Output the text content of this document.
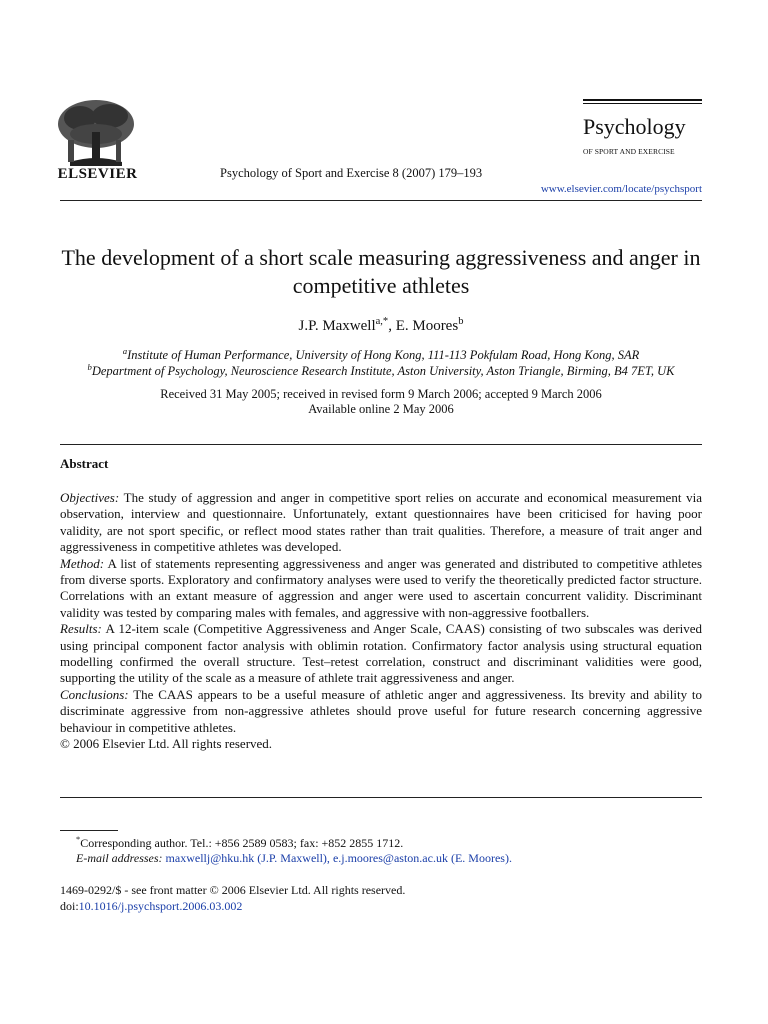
ELSEVIER	Psychology of Sport and Exercise 8 (2007) 179–193
Psychology
OF SPORT AND EXERCISE
www.elsevier.com/locate/psychsport
The development of a short scale measuring aggressiveness and anger in competitive athletes
J.P. Maxwell$^{a,*}$, E. Moores$^b$
$^a$Institute of Human Performance, University of Hong Kong, 111-113 Pokfulam Road, Hong Kong, SAR
$^b$Department of Psychology, Neuroscience Research Institute, Aston University, Aston Triangle, Birming, B4 7ET, UK
Received 31 May 2005; received in revised form 9 March 2006; accepted 9 March 2006
Available online 2 May 2006
Abstract

Objectives: The study of aggression and anger in competitive sport relies on accurate and economical measurement via observation, interview and questionnaire. Unfortunately, extant questionnaires have been criticised for having poor validity, are not sport specific, or reflect mood states rather than trait qualities. Therefore, a measure of trait anger and aggressiveness in competitive athletes was developed.

Method: A list of statements representing aggressiveness and anger was generated and distributed to competitive athletes from diverse sports. Exploratory and confirmatory analyses were used to verify the theoretically predicted factor structure. Correlations with an extant measure of aggression and anger were used to ascertain concurrent validity. Discriminant validity was tested by comparing males with females, and aggressive with non-aggressive footballers.

Results: A 12-item scale (Competitive Aggressiveness and Anger Scale, CAAS) consisting of two subscales was derived using principal component factor analysis with oblimin rotation. Confirmatory factor analysis using structural equation modelling confirmed the overall structure. Test–retest correlation, construct and discriminant validities were good, supporting the utility of the scale as a measure of athlete trait aggressiveness and anger.

Conclusions: The CAAS appears to be a useful measure of athletic anger and aggressiveness. Its brevity and ability to discriminate aggressive from non-aggressive athletes should prove useful for future research concerning aggressive behaviour in competitive athletes.

© 2006 Elsevier Ltd. All rights reserved.

*Corresponding author. Tel.: +856 2589 0583; fax: +852 2855 1712.
E-mail addresses: maxwellj@hku.hk (J.P. Maxwell), e.j.moores@aston.ac.uk (E. Moores).
1469-0292/$ - see front matter © 2006 Elsevier Ltd. All rights reserved.
doi:10.1016/j.psychsport.2006.03.002
